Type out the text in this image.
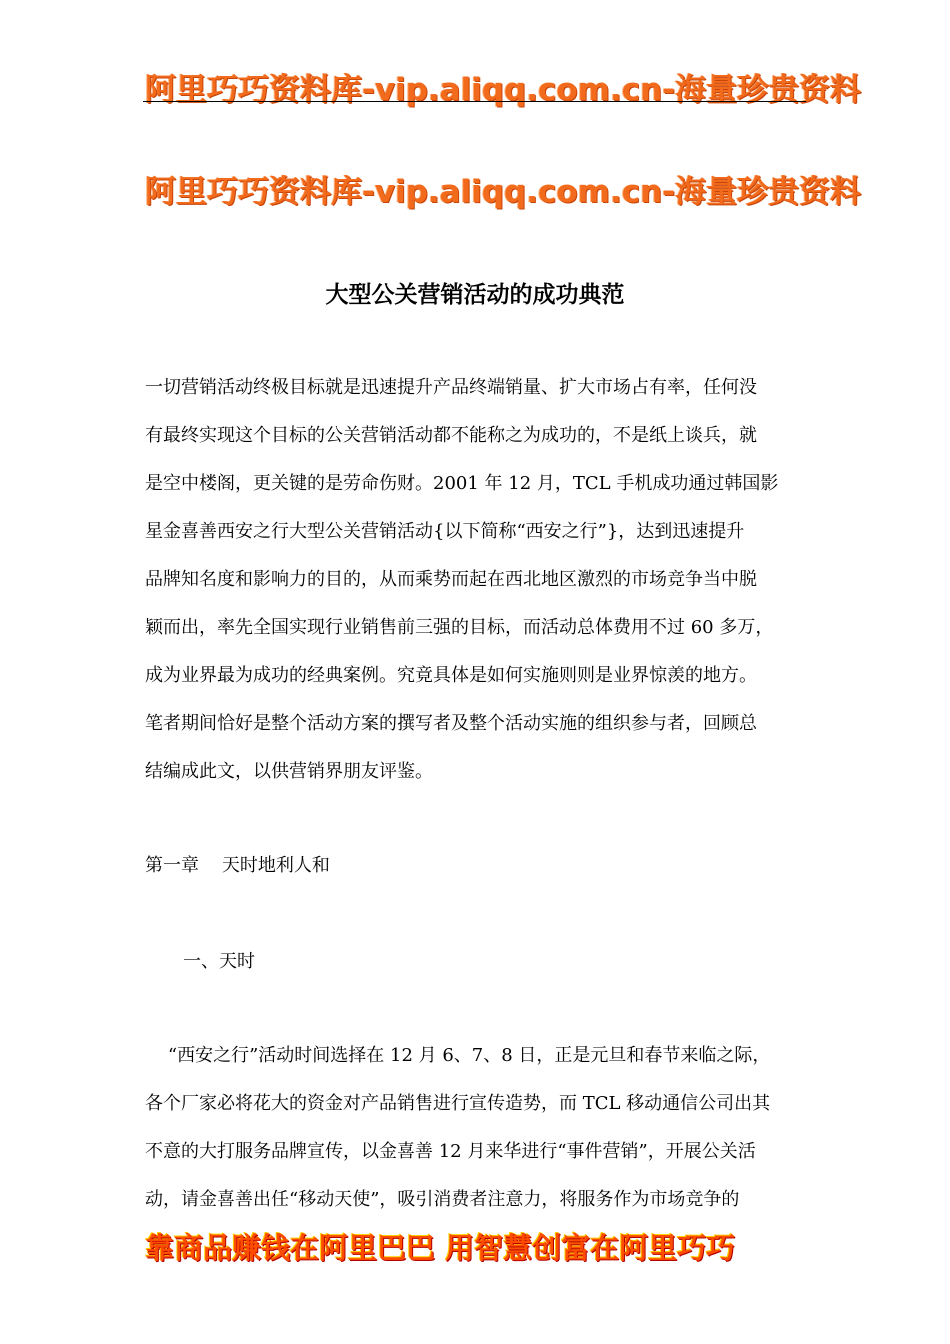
阿里巧巧资料库-vip.aliqq.com.cn-海量珍贵资料
阿里巧巧资料库-vip.aliqq.com.cn-海量珍贵资料
大型公关营销活动的成功典范
一切营销活动终极目标就是迅速提升产品终端销量、扩大市场占有率，任何没
有最终实现这个目标的公关营销活动都不能称之为成功的，不是纸上谈兵，就
是空中楼阁，更关键的是劳命伤财。2001 年 12 月，TCL 手机成功通过韩国影
星金喜善西安之行大型公关营销活动{以下简称“西安之行”}，达到迅速提升
品牌知名度和影响力的目的，从而乘势而起在西北地区激烈的市场竞争当中脱
颖而出，率先全国实现行业销售前三强的目标，而活动总体费用不过 60 多万，
成为业界最为成功的经典案例。究竟具体是如何实施则则是业界惊羡的地方。
笔者期间恰好是整个活动方案的撰写者及整个活动实施的组织参与者，回顾总
结编成此文，以供营销界朋友评鉴。
第一章    天时地利人和
一、天时
“西安之行”活动时间选择在 12 月 6、7、8 日，正是元旦和春节来临之际，
各个厂家必将花大的资金对产品销售进行宣传造势，而 TCL 移动通信公司出其
不意的大打服务品牌宣传，以金喜善 12 月来华进行“事件营销”，开展公关活
动，请金喜善出任“移动天使”，吸引消费者注意力，将服务作为市场竞争的
靠商品赚钱在阿里巴巴 用智慧创富在阿里巧巧
